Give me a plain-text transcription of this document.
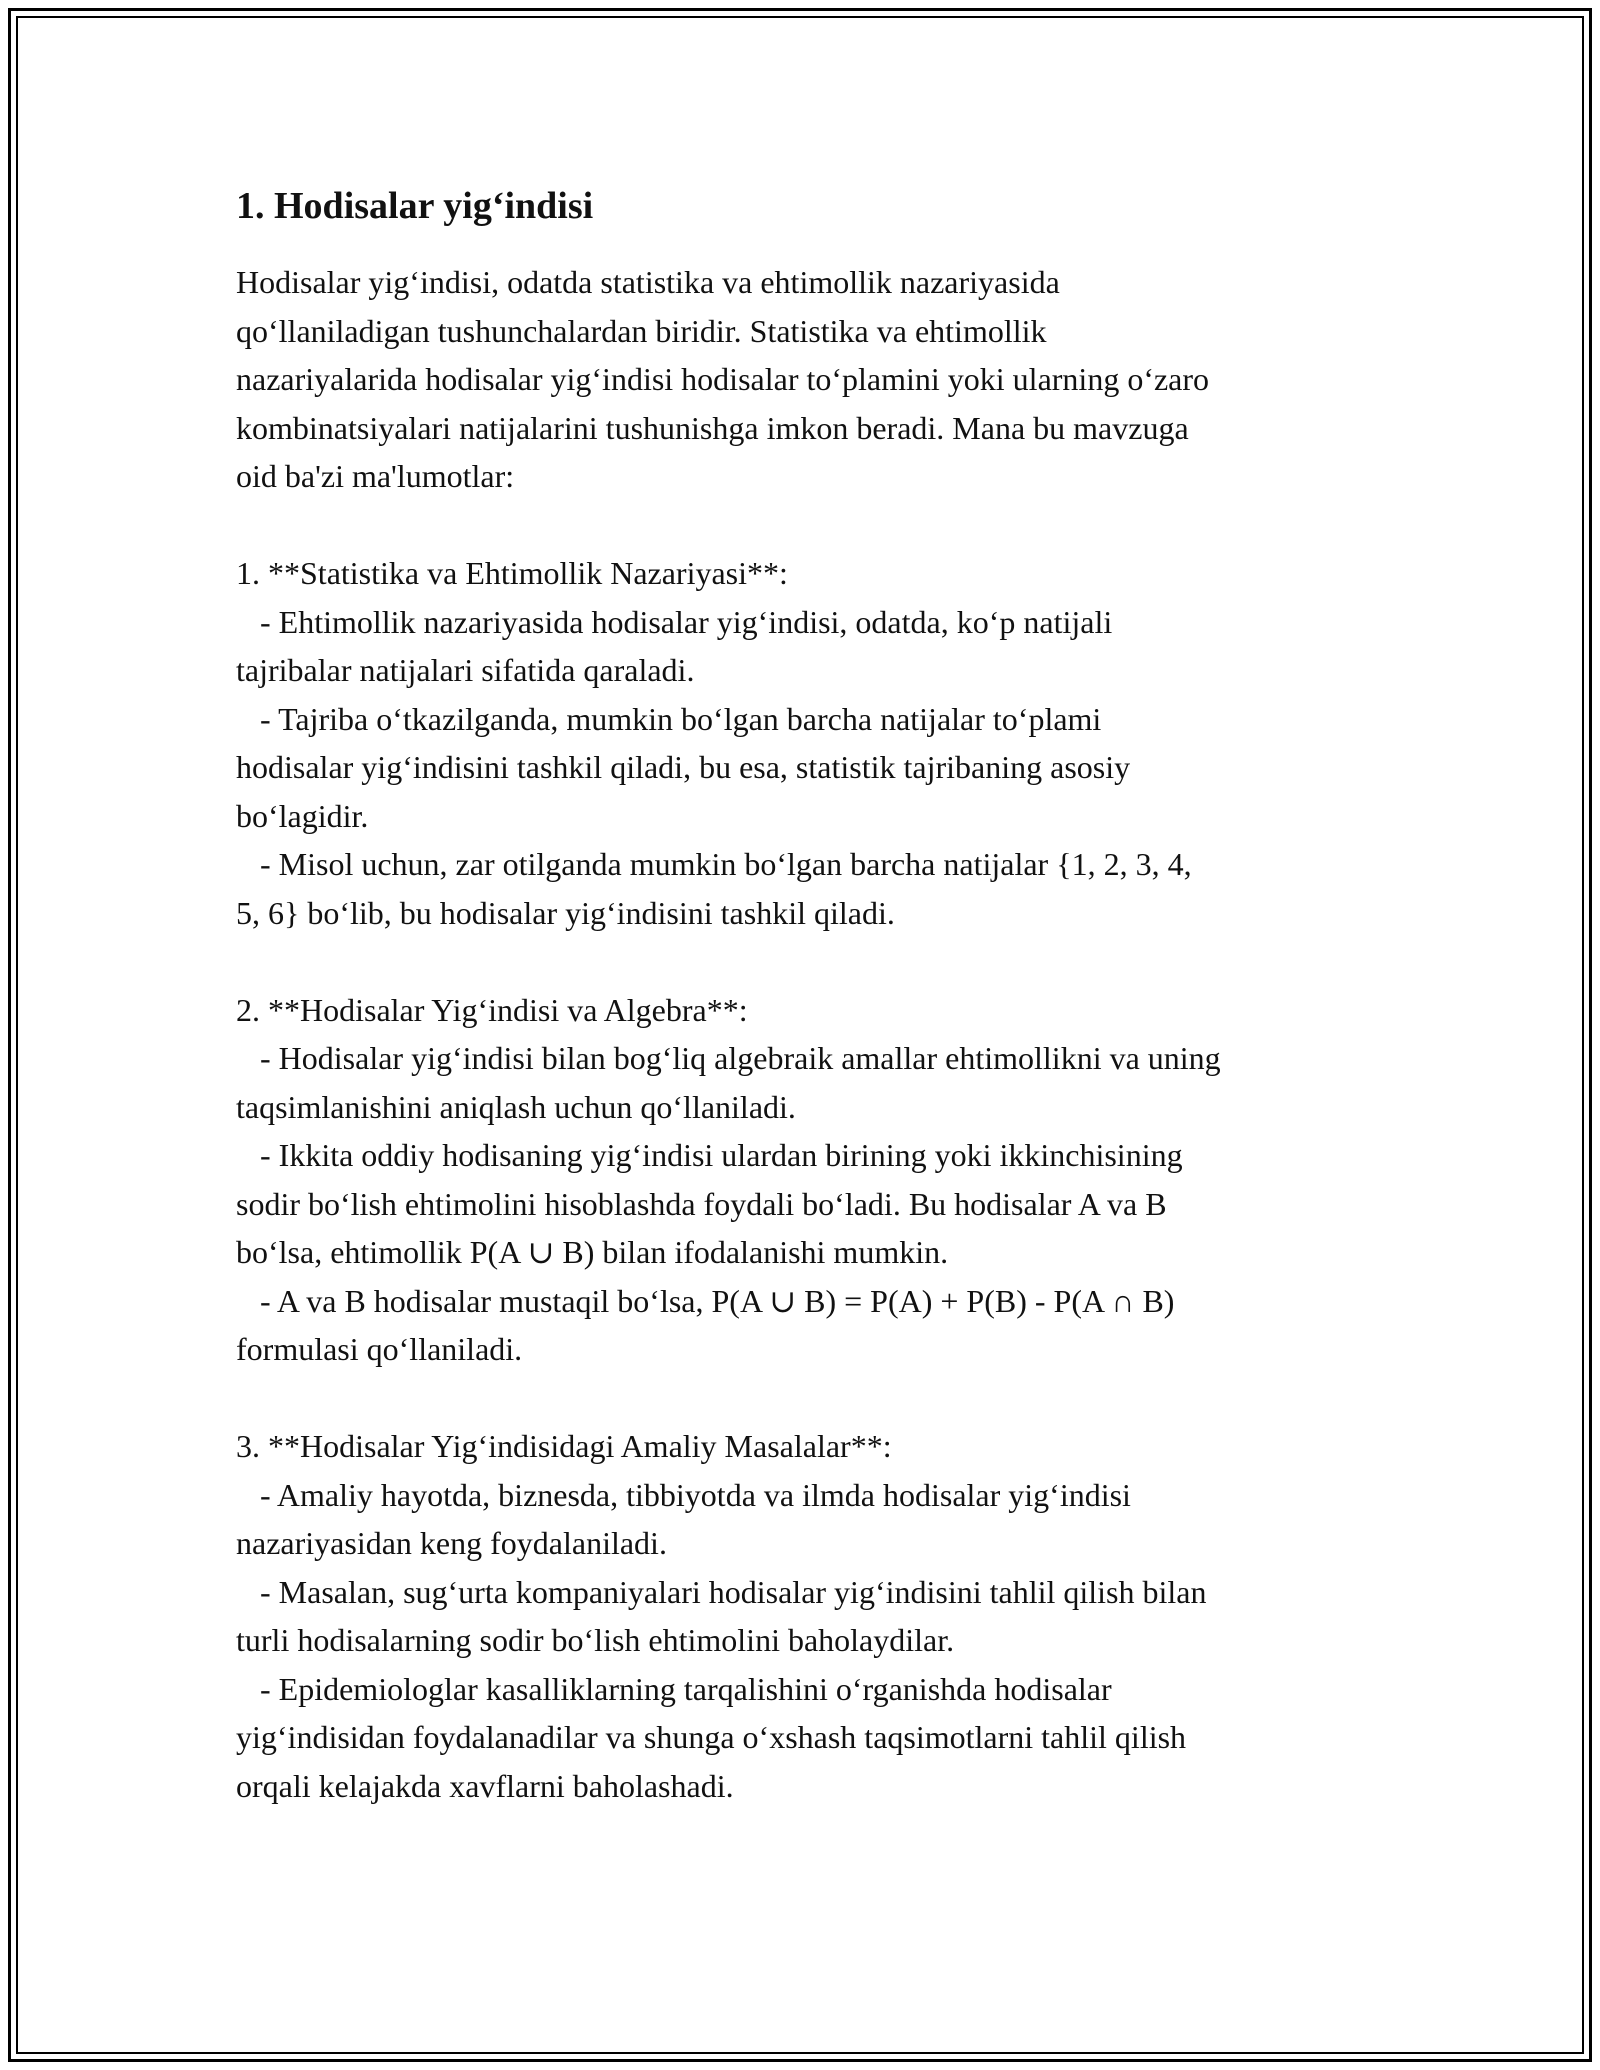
1. Hodisalar yig‘indisi
Hodisalar yig‘indisi, odatda statistika va ehtimollik nazariyasida
qo‘llaniladigan tushunchalardan biridir. Statistika va ehtimollik
nazariyalarida hodisalar yig‘indisi hodisalar to‘plamini yoki ularning o‘zaro
kombinatsiyalari natijalarini tushunishga imkon beradi. Mana bu mavzuga
oid ba'zi ma'lumotlar:

1. **Statistika va Ehtimollik Nazariyasi**:
- Ehtimollik nazariyasida hodisalar yig‘indisi, odatda, ko‘p natijali
tajribalar natijalari sifatida qaraladi.
- Tajriba o‘tkazilganda, mumkin bo‘lgan barcha natijalar to‘plami
hodisalar yig‘indisini tashkil qiladi, bu esa, statistik tajribaning asosiy
bo‘lagidir.
- Misol uchun, zar otilganda mumkin bo‘lgan barcha natijalar {1, 2, 3, 4,
5, 6} bo‘lib, bu hodisalar yig‘indisini tashkil qiladi.

2. **Hodisalar Yig‘indisi va Algebra**:
- Hodisalar yig‘indisi bilan bog‘liq algebraik amallar ehtimollikni va uning
taqsimlanishini aniqlash uchun qo‘llaniladi.
- Ikkita oddiy hodisaning yig‘indisi ulardan birining yoki ikkinchisining
sodir bo‘lish ehtimolini hisoblashda foydali bo‘ladi. Bu hodisalar A va B
bo‘lsa, ehtimollik P(A ∪ B) bilan ifodalanishi mumkin.
- A va B hodisalar mustaqil bo‘lsa, P(A ∪ B) = P(A) + P(B) - P(A ∩ B)
formulasi qo‘llaniladi.

3. **Hodisalar Yig‘indisidagi Amaliy Masalalar**:
- Amaliy hayotda, biznesda, tibbiyotda va ilmda hodisalar yig‘indisi
nazariyasidan keng foydalaniladi.
- Masalan, sug‘urta kompaniyalari hodisalar yig‘indisini tahlil qilish bilan
turli hodisalarning sodir bo‘lish ehtimolini baholaydilar.
- Epidemiologlar kasalliklarning tarqalishini o‘rganishda hodisalar
yig‘indisidan foydalanadilar va shunga o‘xshash taqsimotlarni tahlil qilish
orqali kelajakda xavflarni baholashadi.
